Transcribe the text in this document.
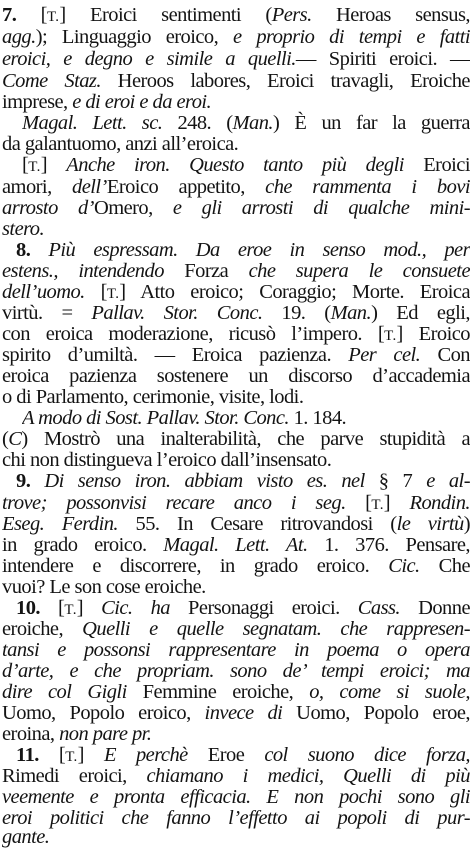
7. [T.] Eroici sentimenti (Pers. Heroas sensus,
agg.); Linguaggio eroico, e proprio di tempi e fatti
eroici, e degno e simile a quelli.— Spiriti eroici. —
Come Staz. Heroos labores, Eroici travagli, Eroiche
imprese, e di eroi e da eroi.
Magal. Lett. sc. 248. (Man.) È un far la guerra
da galantuomo, anzi all’eroica.
[T.] Anche iron. Questo tanto più degli Eroici
amori, dell’Eroico appetito, che rammenta i bovi
arrosto d’Omero, e gli arrosti di qualche mini-
stero.
8. Più espressam. Da eroe in senso mod., per
estens., intendendo Forza che supera le consuete
dell’uomo. [T.] Atto eroico; Coraggio; Morte. Eroica
virtù. = Pallav. Stor. Conc. 19. (Man.) Ed egli,
con eroica moderazione, ricusò l’impero. [T.] Eroico
spirito d’umiltà. — Eroica pazienza. Per cel. Con
eroica pazienza sostenere un discorso d’accademia
o di Parlamento, cerimonie, visite, lodi.
A modo di Sost. Pallav. Stor. Conc. 1. 184.
(C) Mostrò una inalterabilità, che parve stupidità a
chi non distingueva l’eroico dall’insensato.
9. Di senso iron. abbiam visto es. nel § 7 e al-
trove; possonvisi recare anco i seg. [T.] Rondin.
Eseg. Ferdin. 55. In Cesare ritrovandosi (le virtù)
in grado eroico. Magal. Lett. At. 1. 376. Pensare,
intendere e discorrere, in grado eroico. Cic. Che
vuoi? Le son cose eroiche.
10. [T.] Cic. ha Personaggi eroici. Cass. Donne
eroiche, Quelli e quelle segnatam. che rappresen-
tansi e possonsi rappresentare in poema o opera
d’arte, e che propriam. sono de’ tempi eroici; ma
dire col Gigli Femmine eroiche, o, come si suole,
Uomo, Popolo eroico, invece di Uomo, Popolo eroe,
eroina, non pare pr.
11. [T.] E perchè Eroe col suono dice forza,
Rimedi eroici, chiamano i medici, Quelli di più
veemente e pronta efficacia. E non pochi sono gli
eroi politici che fanno l’effetto ai popoli di pur-
gante.
